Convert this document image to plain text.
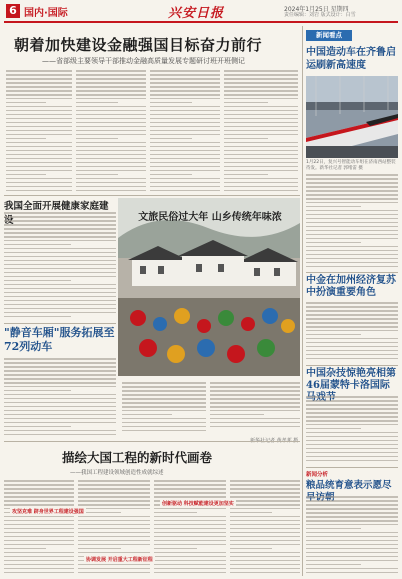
6 国内·国际	兴安日报	2024年1月25日 星期四
责任编辑：刘岩 版式设计：白雪
朝着加快建设金融强国目标奋力前行
——省部级主要领导干部推动金融高质量发展专题研讨班开班侧记
新闻看点
中国造动车在齐鲁启运刷新高速度
1月22日，复兴号智能动车组在济南西站整装待发。新华社记者 郭绪雷 摄
中金在加州经济复苏中扮演重要角色
中国杂技惊艳亮相第46届蒙特卡洛国际
新闻分析
粮品统育意表示愿尽
我国全面开展健康家庭建
"静音车厢"服务拓展至72列动车
文旅民俗过大年 山乡传统年味浓
描绘大国工程的新时代画卷
——我国工程建设领域创造性成就综述
攻坚克难 跻身世界工程建设强国
创新驱动 科技赋能建设更加坚实
协调发展 开启重大工程新征程
